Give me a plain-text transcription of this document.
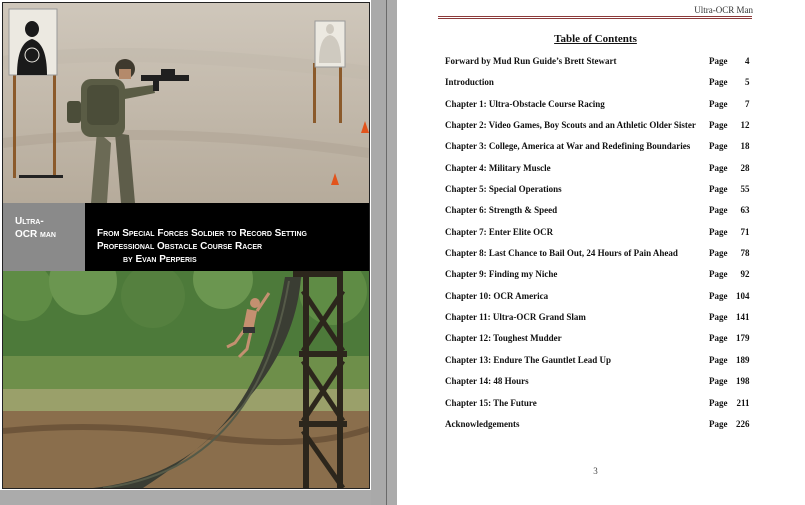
Ultra-
OCR man	From Special Forces Soldier to Record Setting
Professional Obstacle Course Racer

by Evan Perperis
Ultra-OCR Man
Table of Contents
Forward by Mud Run Guide’s Brett Stewart	Page 4
Introduction	Page 5
Chapter 1: Ultra-Obstacle Course Racing	Page 7
Chapter 2: Video Games, Boy Scouts and an Athletic Older Sister Page 12
Chapter 3: College, America at War and Redefining Boundaries Page 18
Chapter 4: Military Muscle	Page 28
Chapter 5: Special Operations	Page 55
Chapter 6: Strength & Speed	Page 63
Chapter 7: Enter Elite OCR	Page 71
Chapter 8: Last Chance to Bail Out, 24 Hours of Pain Ahead	Page 78
Chapter 9: Finding my Niche	Page 92
Chapter 10: OCR America	Page 104
Chapter 11: Ultra-OCR Grand Slam	Page 141
Chapter 12: Toughest Mudder	Page 179
Chapter 13: Endure The Gauntlet Lead Up	Page 189
Chapter 14: 48 Hours	Page 198
Chapter 15: The Future	Page 211
Acknowledgements	Page 226
3
